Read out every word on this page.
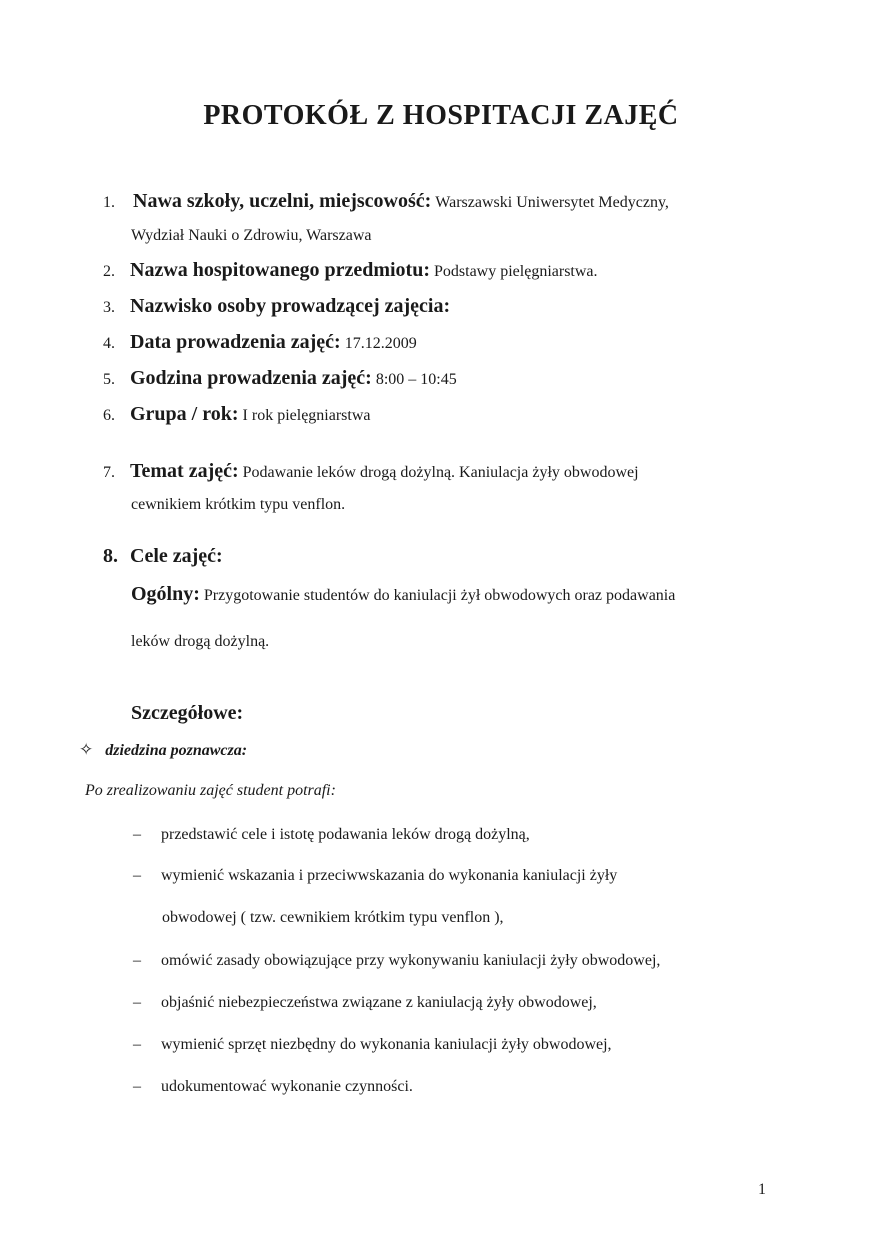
PROTOKÓŁ Z HOSPITACJI ZAJĘĆ
1. Nawa szkoły, uczelni, miejscowość: Warszawski Uniwersytet Medyczny,
Wydział Nauki o Zdrowiu, Warszawa
2. Nazwa hospitowanego przedmiotu: Podstawy pielęgniarstwa.
3. Nazwisko osoby prowadzącej zajęcia:
4. Data prowadzenia zajęć: 17.12.2009
5. Godzina prowadzenia zajęć: 8:00 – 10:45
6. Grupa / rok: I rok pielęgniarstwa
7. Temat zajęć: Podawanie leków drogą dożylną. Kaniulacja żyły obwodowej
cewnikiem krótkim typu venflon.
8. Cele zajęć:
Ogólny: Przygotowanie studentów do kaniulacji żył obwodowych oraz podawania
leków drogą dożylną.
Szczegółowe:
✧ dziedzina poznawcza:
Po zrealizowaniu zajęć student potrafi:
– przedstawić cele i istotę podawania leków drogą dożylną,
– wymienić wskazania i przeciwwskazania do wykonania kaniulacji żyły
obwodowej ( tzw. cewnikiem krótkim typu venflon ),
– omówić zasady obowiązujące przy wykonywaniu kaniulacji żyły obwodowej,
– objaśnić niebezpieczeństwa związane z kaniulacją żyły obwodowej,
– wymienić sprzęt niezbędny do wykonania kaniulacji żyły obwodowej,
– udokumentować wykonanie czynności.
1
